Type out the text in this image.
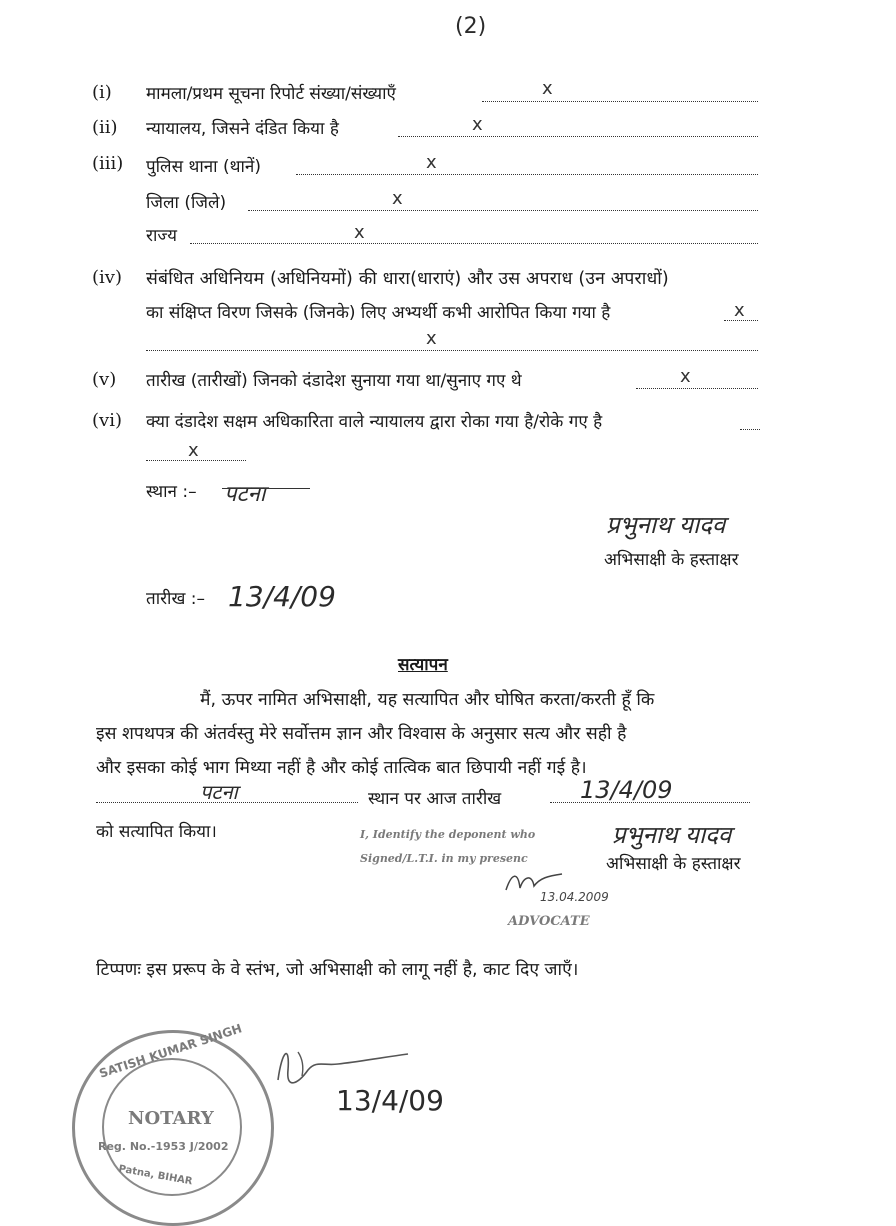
(2)
(i) मामला/प्रथम सूचना रिपोर्ट संख्या/संख्याएँ	x
(ii) न्यायालय, जिसने दंडित किया है	x
(iii) पुलिस थाना (थानें)	x
जिला (जिले)	x
राज्य	x
(iv) संबंधित अधिनियम (अधिनियमों) की धारा(धाराएं) और उस अपराध (उन अपराधों)
का संक्षिप्त विरण जिसके (जिनके) लिए अभ्यर्थी कभी आरोपित किया गया है	x
x
(v) तारीख (तारीखों) जिनको दंडादेश सुनाया गया था/सुनाए गए थे	x
(vi) क्या दंडादेश सक्षम अधिकारिता वाले न्यायालय द्वारा रोका गया है/रोके गए है
x
स्थान :– पटना
प्रभुनाथ यादव
अभिसाक्षी के हस्ताक्षर
तारीख :– 13/4/09
सत्यापन
मैं, ऊपर नामित अभिसाक्षी, यह सत्यापित और घोषित करता/करती हूँ कि
इस शपथपत्र की अंतर्वस्तु मेरे सर्वोत्तम ज्ञान और विश्वास के अनुसार सत्य और सही है
और इसका कोई भाग मिथ्या नहीं है और कोई तात्विक बात छिपायी नहीं गई है।
पटना	स्थान पर आज तारीख	13/4/09
को सत्यापित किया।	I, Identify the deponent who
Signed/L.T.I. in my presenc
13.04.2009
ADVOCATE
प्रभुनाथ यादव
अभिसाक्षी के हस्ताक्षर
टिप्पणः इस प्ररूप के वे स्तंभ, जो अभिसाक्षी को लागू नहीं है, काट दिए जाएँ।
SATISH KUMAR SINGH
NOTARY
Reg. No.-1953 J/2002
Patna, BIHAR
13/4/09
